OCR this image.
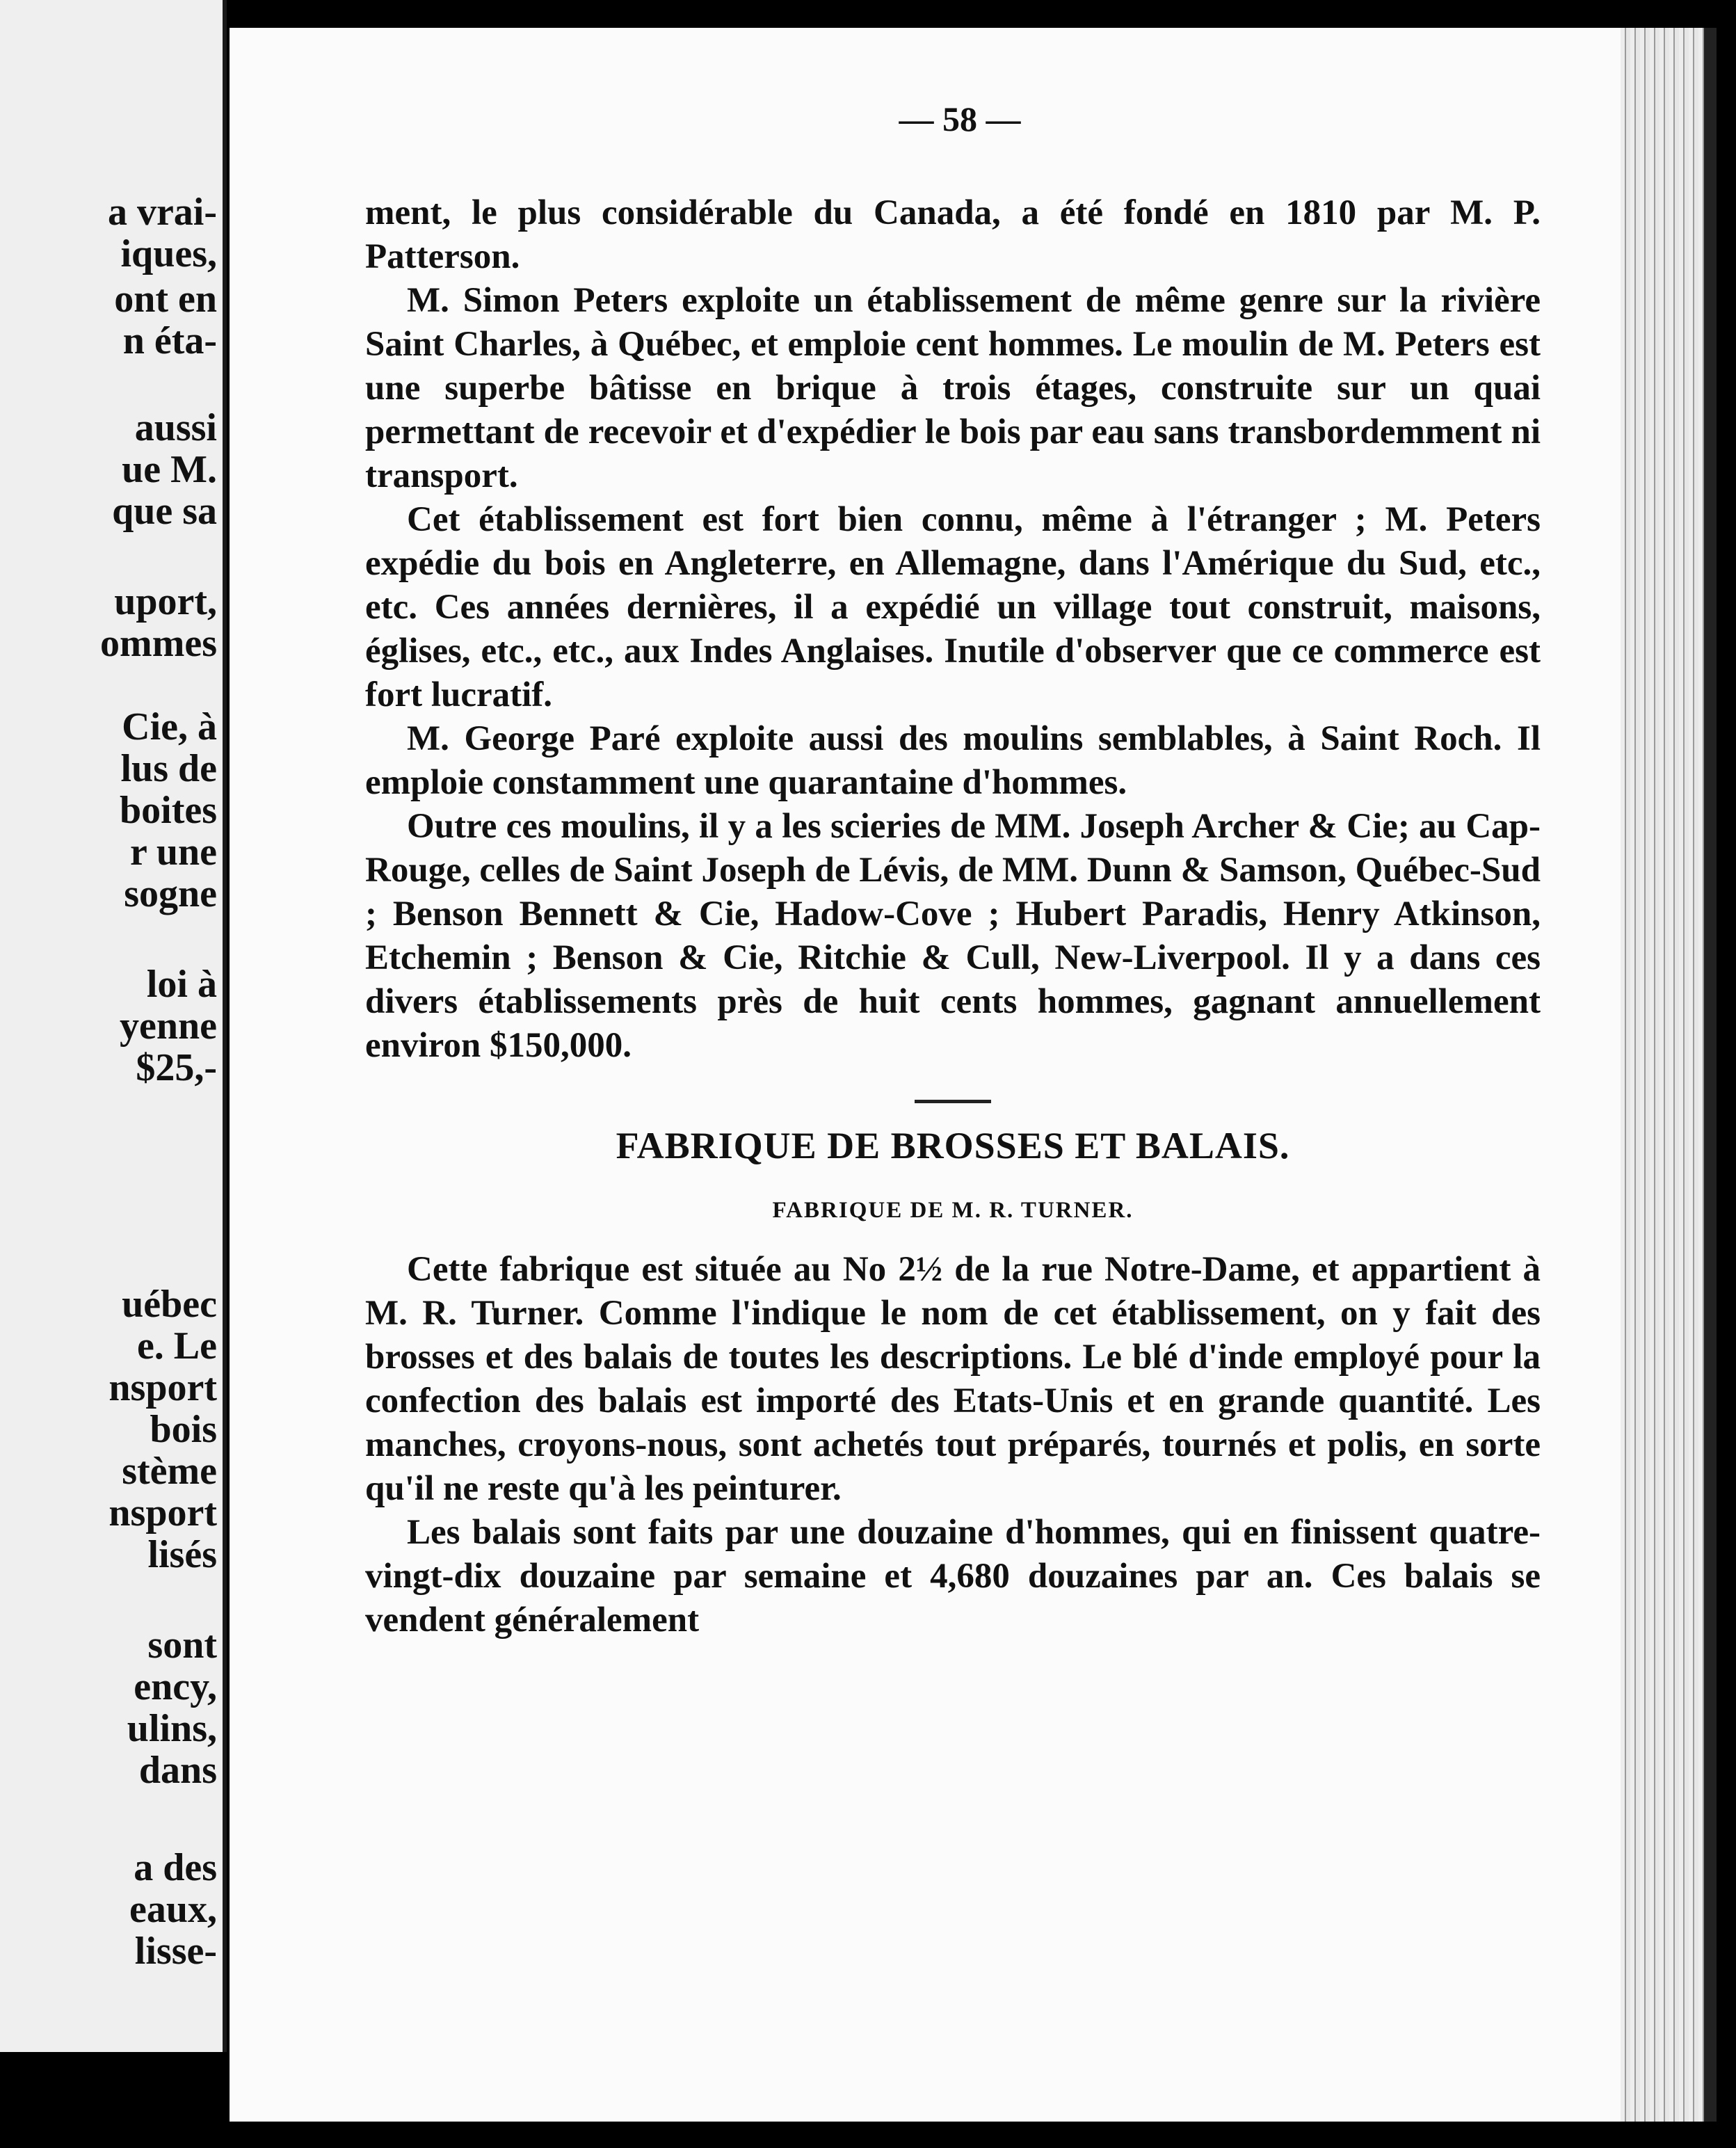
a vrai-
iques,
ont en
n éta-
aussi
ue M.
que sa
uport,
ommes
Cie, à
lus de
boites
r une
sogne
loi à
yenne
$25,-
uébec
e. Le
nsport
bois
stème
nsport
lisés
sont
ency,
ulins,
dans
a des
eaux,
lisse-
— 58 —

ment, le plus considérable du Canada, a été fondé en 1810 par M. P. Patterson.

M. Simon Peters exploite un établissement de même genre sur la rivière Saint Charles, à Québec, et emploie cent hommes. Le moulin de M. Peters est une superbe bâtisse en brique à trois étages, construite sur un quai permettant de recevoir et d'expédier le bois par eau sans transbordemment ni transport.

Cet établissement est fort bien connu, même à l'étranger ; M. Peters expédie du bois en Angleterre, en Allemagne, dans l'Amérique du Sud, etc., etc. Ces années dernières, il a expédié un village tout construit, maisons, églises, etc., etc., aux Indes Anglaises. Inutile d'observer que ce commerce est fort lucratif.

M. George Paré exploite aussi des moulins semblables, à Saint Roch. Il emploie constamment une quarantaine d'hommes.

Outre ces moulins, il y a les scieries de MM. Joseph Archer & Cie; au Cap-Rouge, celles de Saint Joseph de Lévis, de MM. Dunn & Samson, Québec-Sud ; Benson Bennett & Cie, Hadow-Cove ; Hubert Paradis, Henry Atkinson, Etchemin ; Benson & Cie, Ritchie & Cull, New-Liverpool. Il y a dans ces divers établissements près de huit cents hommes, gagnant annuellement environ $150,000.

FABRIQUE DE BROSSES ET BALAIS.
FABRIQUE DE M. R. TURNER.

Cette fabrique est située au No 2½ de la rue Notre-Dame, et appartient à M. R. Turner. Comme l'indique le nom de cet établissement, on y fait des brosses et des balais de toutes les descriptions. Le blé d'inde employé pour la confection des balais est importé des Etats-Unis et en grande quantité. Les manches, croyons-nous, sont achetés tout préparés, tournés et polis, en sorte qu'il ne reste qu'à les peinturer.

Les balais sont faits par une douzaine d'hommes, qui en finissent quatre-vingt-dix douzaine par semaine et 4,680 douzaines par an. Ces balais se vendent généralement
